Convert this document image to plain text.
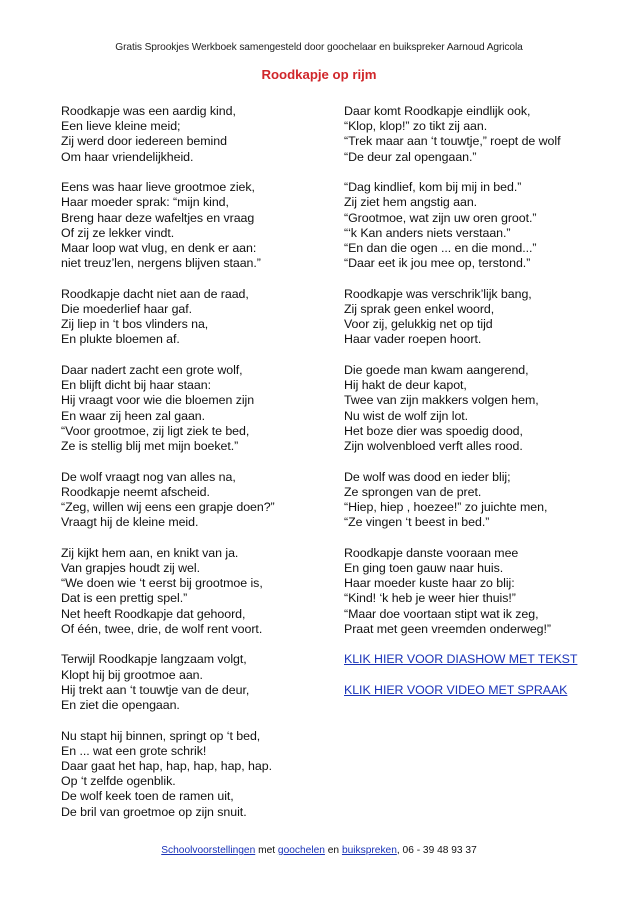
Gratis Sprookjes Werkboek samengesteld door goochelaar en buikspreker Aarnoud Agricola
Roodkapje op rijm
Roodkapje was een aardig kind,
Een lieve kleine meid;
Zij werd door iedereen bemind
Om haar vriendelijkheid.
Eens was haar lieve grootmoe ziek,
Haar moeder sprak: “mijn kind,
Breng haar deze wafeltjes en vraag
Of zij ze lekker vindt.
Maar loop wat vlug, en denk er aan:
niet treuz’len, nergens blijven staan.”
Roodkapje dacht niet aan de raad,
Die moederlief haar gaf.
Zij liep in ‘t bos vlinders na,
En plukte bloemen af.
Daar nadert zacht een grote wolf,
En blijft dicht bij haar staan:
Hij vraagt voor wie die bloemen zijn
En waar zij heen zal gaan.
“Voor grootmoe, zij ligt ziek te bed,
Ze is stellig blij met mijn boeket.”
De wolf vraagt nog van alles na,
Roodkapje neemt afscheid.
“Zeg, willen wij eens een grapje doen?”
Vraagt hij de kleine meid.
Zij kijkt hem aan, en knikt van ja.
Van grapjes houdt zij wel.
“We doen wie ‘t eerst bij grootmoe is,
Dat is een prettig spel.”
Net heeft Roodkapje dat gehoord,
Of één, twee, drie, de wolf rent voort.
Terwijl Roodkapje langzaam volgt,
Klopt hij bij grootmoe aan.
Hij trekt aan ‘t touwtje van de deur,
En ziet die opengaan.
Nu stapt hij binnen, springt op ‘t bed,
En ... wat een grote schrik!
Daar gaat het hap, hap, hap, hap, hap.
Op ‘t zelfde ogenblik.
De wolf keek toen de ramen uit,
De bril van groetmoe op zijn snuit.
Daar komt Roodkapje eindlijk ook,
“Klop, klop!” zo tikt zij aan.
“Trek maar aan ‘t touwtje,” roept de wolf
“De deur zal opengaan.”
“Dag kindlief, kom bij mij in bed.”
Zij ziet hem angstig aan.
“Grootmoe, wat zijn uw oren groot.”
“‘k Kan anders niets verstaan.”
“En dan die ogen ... en die mond...”
“Daar eet ik jou mee op, terstond.”
Roodkapje was verschrik’lijk bang,
Zij sprak geen enkel woord,
Voor zij, gelukkig net op tijd
Haar vader roepen hoort.
Die goede man kwam aangerend,
Hij hakt de deur kapot,
Twee van zijn makkers volgen hem,
Nu wist de wolf zijn lot.
Het boze dier was spoedig dood,
Zijn wolvenbloed verft alles rood.
De wolf was dood en ieder blij;
Ze sprongen van de pret.
“Hiep, hiep , hoezee!” zo juichte men,
“Ze vingen ‘t beest in bed.”
Roodkapje danste vooraan mee
En ging toen gauw naar huis.
Haar moeder kuste haar zo blij:
“Kind! ‘k heb je weer hier thuis!”
“Maar doe voortaan stipt wat ik zeg,
Praat met geen vreemden onderweg!”
KLIK HIER VOOR DIASHOW MET TEKST
KLIK HIER VOOR VIDEO MET SPRAAK
Schoolvoorstellingen met goochelen en buikspreken, 06 - 39 48 93 37
